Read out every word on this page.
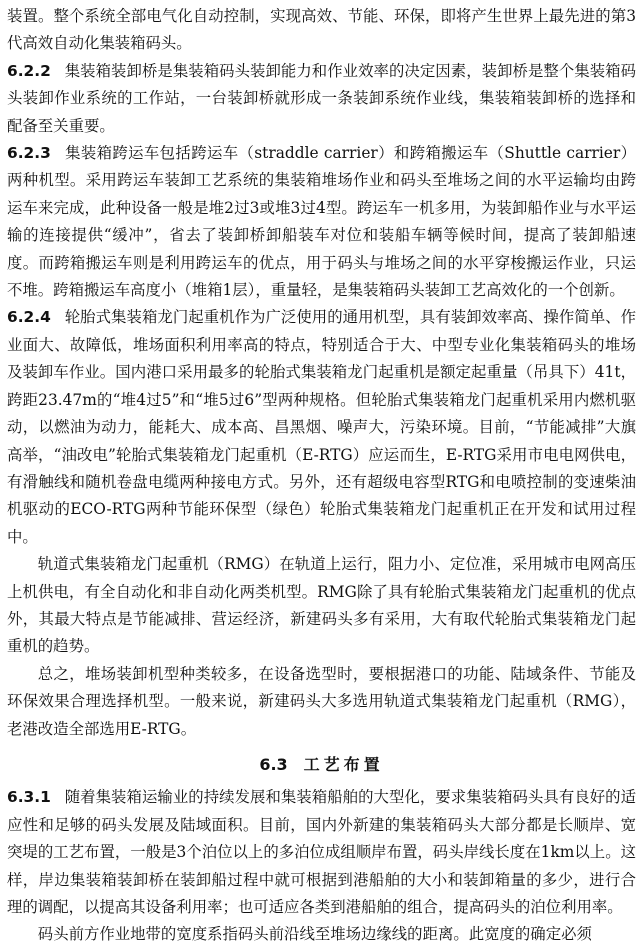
装置。整个系统全部电气化自动控制，实现高效、节能、环保，即将产生世界上最先进的第3代高效自动化集装箱码头。

6.2.2 集装箱装卸桥是集装箱码头装卸能力和作业效率的决定因素，装卸桥是整个集装箱码头装卸作业系统的工作站，一台装卸桥就形成一条装卸系统作业线，集装箱装卸桥的选择和配备至关重要。

6.2.3 集装箱跨运车包括跨运车（straddle carrier）和跨箱搬运车（Shuttle carrier）两种机型。采用跨运车装卸工艺系统的集装箱堆场作业和码头至堆场之间的水平运输均由跨运车来完成，此种设备一般是堆2过3或堆3过4型。跨运车一机多用，为装卸船作业与水平运输的连接提供“缓冲”，省去了装卸桥卸船装车对位和装船车辆等候时间，提高了装卸船速度。而跨箱搬运车则是利用跨运车的优点，用于码头与堆场之间的水平穿梭搬运作业，只运不堆。跨箱搬运车高度小（堆箱1层），重量轻，是集装箱码头装卸工艺高效化的一个创新。

6.2.4 轮胎式集装箱龙门起重机作为广泛使用的通用机型，具有装卸效率高、操作简单、作业面大、故障低，堆场面积利用率高的特点，特别适合于大、中型专业化集装箱码头的堆场及装卸车作业。国内港口采用最多的轮胎式集装箱龙门起重机是额定起重量（吊具下）41t，跨距23.47m的“堆4过5”和“堆5过6”型两种规格。但轮胎式集装箱龙门起重机采用内燃机驱动，以燃油为动力，能耗大、成本高、昌黑烟、噪声大，污染环境。目前，“节能减排”大旗高举，“油改电”轮胎式集装箱龙门起重机（E-RTG）应运而生，E-RTG采用市电电网供电，有滑触线和随机卷盘电缆两种接电方式。另外，还有超级电容型RTG和电喷控制的变速柴油机驱动的ECO-RTG两种节能环保型（绿色）轮胎式集装箱龙门起重机正在开发和试用过程中。

轨道式集装箱龙门起重机（RMG）在轨道上运行，阻力小、定位准，采用城市电网高压上机供电，有全自动化和非自动化两类机型。RMG除了具有轮胎式集装箱龙门起重机的优点外，其最大特点是节能减排、营运经济，新建码头多有采用，大有取代轮胎式集装箱龙门起重机的趋势。

总之，堆场装卸机型种类较多，在设备选型时，要根据港口的功能、陆域条件、节能及环保效果合理选择机型。一般来说，新建码头大多选用轨道式集装箱龙门起重机（RMG），老港改造全部选用E-RTG。

6.3 工艺布置

6.3.1 随着集装箱运输业的持续发展和集装箱船舶的大型化，要求集装箱码头具有良好的适应性和足够的码头发展及陆域面积。目前，国内外新建的集装箱码头大部分都是长顺岸、宽突堤的工艺布置，一般是3个泊位以上的多泊位成组顺岸布置，码头岸线长度在1km以上。这样，岸边集装箱装卸桥在装卸船过程中就可根据到港船舶的大小和装卸箱量的多少，进行合理的调配，以提高其设备利用率；也可适应各类到港船舶的组合，提高码头的泊位利用率。

码头前方作业地带的宽度系指码头前沿线至堆场边缘线的距离。此宽度的确定必须
